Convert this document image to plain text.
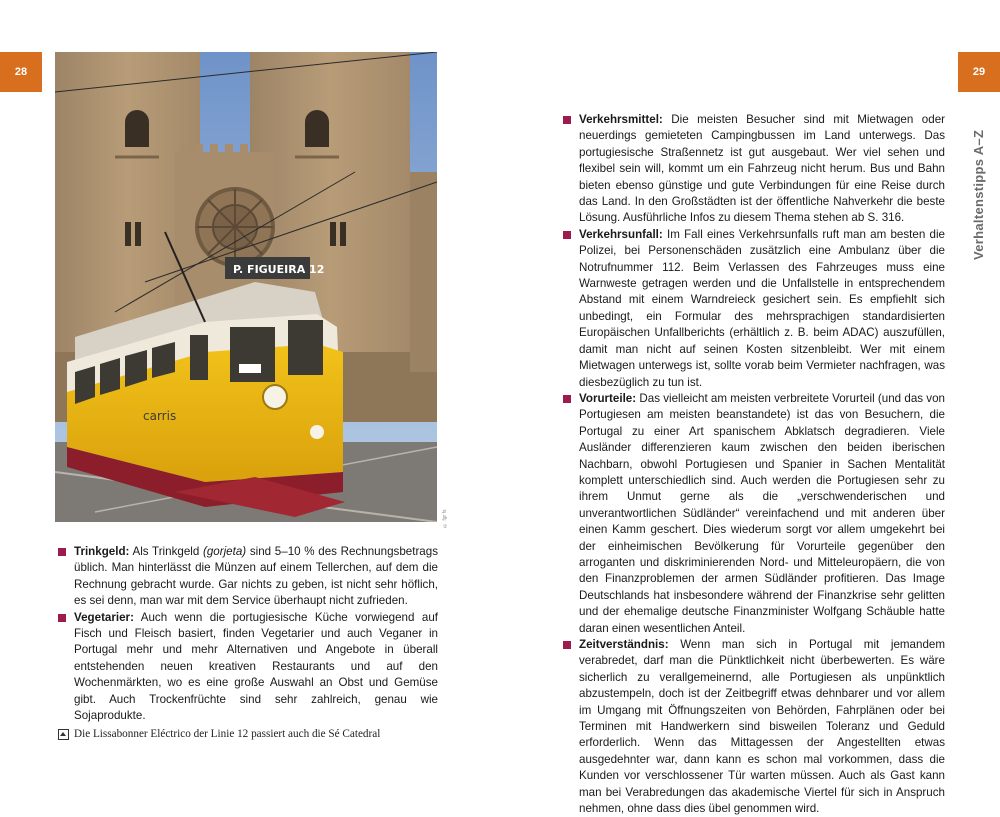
28	29
Verhaltenstipps A–Z
P. FIGUEIRA 12
carris
© fgr fs

Trinkgeld: Als Trinkgeld (gorjeta) sind 5–10 % des Rechnungsbetrags üblich. Man hinterlässt die Münzen auf einem Tellerchen, auf dem die Rechnung gebracht wurde. Gar nichts zu geben, ist nicht sehr höflich, es sei denn, man war mit dem Service überhaupt nicht zufrieden.

Vegetarier: Auch wenn die portugiesische Küche vorwiegend auf Fisch und Fleisch basiert, finden Vegetarier und auch Veganer in Portugal mehr und mehr Alternativen und Angebote in überall entstehenden neuen kreativen Restaurants und auf den Wochenmärkten, wo es eine große Auswahl an Obst und Gemüse gibt. Auch Trockenfrüchte sind sehr zahlreich, genau wie Sojaprodukte.

Die Lissabonner Eléctrico der Linie 12 passiert auch die Sé Catedral

Verkehrsmittel: Die meisten Besucher sind mit Mietwagen oder neuerdings gemieteten Campingbussen im Land unterwegs. Das portugiesische Straßennetz ist gut ausgebaut. Wer viel sehen und flexibel sein will, kommt um ein Fahrzeug nicht herum. Bus und Bahn bieten ebenso günstige und gute Verbindungen für eine Reise durch das Land. In den Großstädten ist der öffentliche Nahverkehr die beste Lösung. Ausführliche Infos zu diesem Thema stehen ab S. 316.

Verkehrsunfall: Im Fall eines Verkehrsunfalls ruft man am besten die Polizei, bei Personenschäden zusätzlich eine Ambulanz über die Notrufnummer 112. Beim Verlassen des Fahrzeuges muss eine Warnweste getragen werden und die Unfallstelle in entsprechendem Abstand mit einem Warndreieck gesichert sein. Es empfiehlt sich unbedingt, ein Formular des mehrsprachigen standardisierten Europäischen Unfallberichts (erhältlich z. B. beim ADAC) auszufüllen, damit man nicht auf seinen Kosten sitzenbleibt. Wer mit einem Mietwagen unterwegs ist, sollte vorab beim Vermieter nachfragen, was diesbezüglich zu tun ist.

Vorurteile: Das vielleicht am meisten verbreitete Vorurteil (und das von Portugiesen am meisten beanstandete) ist das von Besuchern, die Portugal zu einer Art spanischem Abklatsch degradieren. Viele Ausländer differenzieren kaum zwischen den beiden iberischen Nachbarn, obwohl Portugiesen und Spanier in Sachen Mentalität komplett unterschiedlich sind. Auch werden die Portugiesen sehr zu ihrem Unmut gerne als die „verschwenderischen und unverantwortlichen Südländer“ vereinfachend und mit anderen über einen Kamm geschert. Dies wiederum sorgt vor allem umgekehrt bei der einheimischen Bevölkerung für Vorurteile gegenüber den arroganten und diskriminierenden Nord- und Mitteleuropäern, die von den Finanzproblemen der armen Südländer profitieren. Das Image Deutschlands hat insbesondere während der Finanzkrise sehr gelitten und der ehemalige deutsche Finanzminister Wolfgang Schäuble hatte daran einen wesentlichen Anteil.

Zeitverständnis: Wenn man sich in Portugal mit jemandem verabredet, darf man die Pünktlichkeit nicht überbewerten. Es wäre sicherlich zu verallgemeinernd, alle Portugiesen als unpünktlich abzustempeln, doch ist der Zeitbegriff etwas dehnbarer und vor allem im Umgang mit Öffnungszeiten von Behörden, Fahrplänen oder bei Terminen mit Handwerkern sind bisweilen Toleranz und Geduld erforderlich. Wenn das Mittagessen der Angestellten etwas ausgedehnter war, dann kann es schon mal vorkommen, dass die Kunden vor verschlossener Tür warten müssen. Auch als Gast kann man bei Verabredungen das akademische Viertel für sich in Anspruch nehmen, ohne dass dies übel genommen wird.
